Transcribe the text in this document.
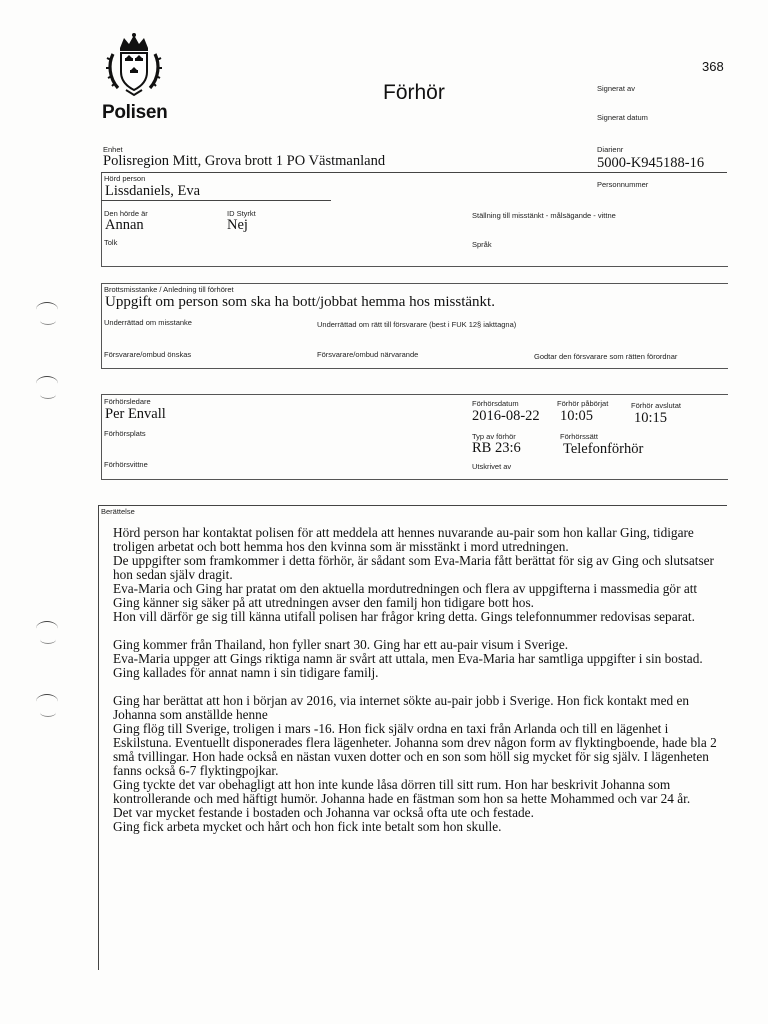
Polisen
Förhör
368
Signerat av
Signerat datum
Enhet
Polisregion Mitt, Grova brott 1 PO Västmanland
Diarienr
5000-K945188-16
Hörd person
Lissdaniels, Eva	Personnummer
Den hörde är
Annan
ID Styrkt
Nej
Ställning till misstänkt - målsägande - vittne
Tolk	Språk
Brottsmisstanke / Anledning till förhöret
Uppgift om person som ska ha bott/jobbat hemma hos misstänkt.
Underrättad om misstanke	Underrättad om rätt till försvarare (best i FUK 12§ iakttagna)
Försvarare/ombud önskas	Försvarare/ombud närvarande	Godtar den försvarare som rätten förordnar
Förhörsledare
Per Envall
Förhörsdatum
2016-08-22
Förhör påbörjat
10:05
Förhör avslutat
10:15
Förhörsplats	Typ av förhör
RB 23:6
Förhörssätt
Telefonförhör
Förhörsvittne	Utskrivet av
Berättelse

Hörd person har kontaktat polisen för att meddela att hennes nuvarande au-pair som hon kallar Ging, tidigare troligen arbetat och bott hemma hos den kvinna som är misstänkt i mord utredningen.

De uppgifter som framkommer i detta förhör, är sådant som Eva-Maria fått berättat för sig av Ging och slutsatser hon sedan själv dragit.

Eva-Maria och Ging har pratat om den aktuella mordutredningen och flera av uppgifterna i massmedia gör att Ging känner sig säker på att utredningen avser den familj hon tidigare bott hos.

Hon vill därför ge sig till känna utifall polisen har frågor kring detta. Gings telefonnummer redovisas separat.

Ging kommer från Thailand, hon fyller snart 30. Ging har ett au-pair visum i Sverige.

Eva-Maria uppger att Gings riktiga namn är svårt att uttala, men Eva-Maria har samtliga uppgifter i sin bostad. Ging kallades för annat namn i sin tidigare familj.

Ging har berättat att hon i början av 2016, via internet sökte au-pair jobb i Sverige. Hon fick kontakt med en Johanna som anställde henne

Ging flög till Sverige, troligen i mars -16. Hon fick själv ordna en taxi från Arlanda och till en lägenhet i Eskilstuna. Eventuellt disponerades flera lägenheter. Johanna som drev någon form av flyktingboende, hade bla 2 små tvillingar. Hon hade också en nästan vuxen dotter och en son som höll sig mycket för sig själv. I lägenheten fanns också 6-7 flyktingpojkar.

Ging tyckte det var obehagligt att hon inte kunde låsa dörren till sitt rum. Hon har beskrivit Johanna som kontrollerande och med häftigt humör. Johanna hade en fästman som hon sa hette Mohammed och var 24 år.

Det var mycket festande i bostaden och Johanna var också ofta ute och festade.

Ging fick arbeta mycket och hårt och hon fick inte betalt som hon skulle.
